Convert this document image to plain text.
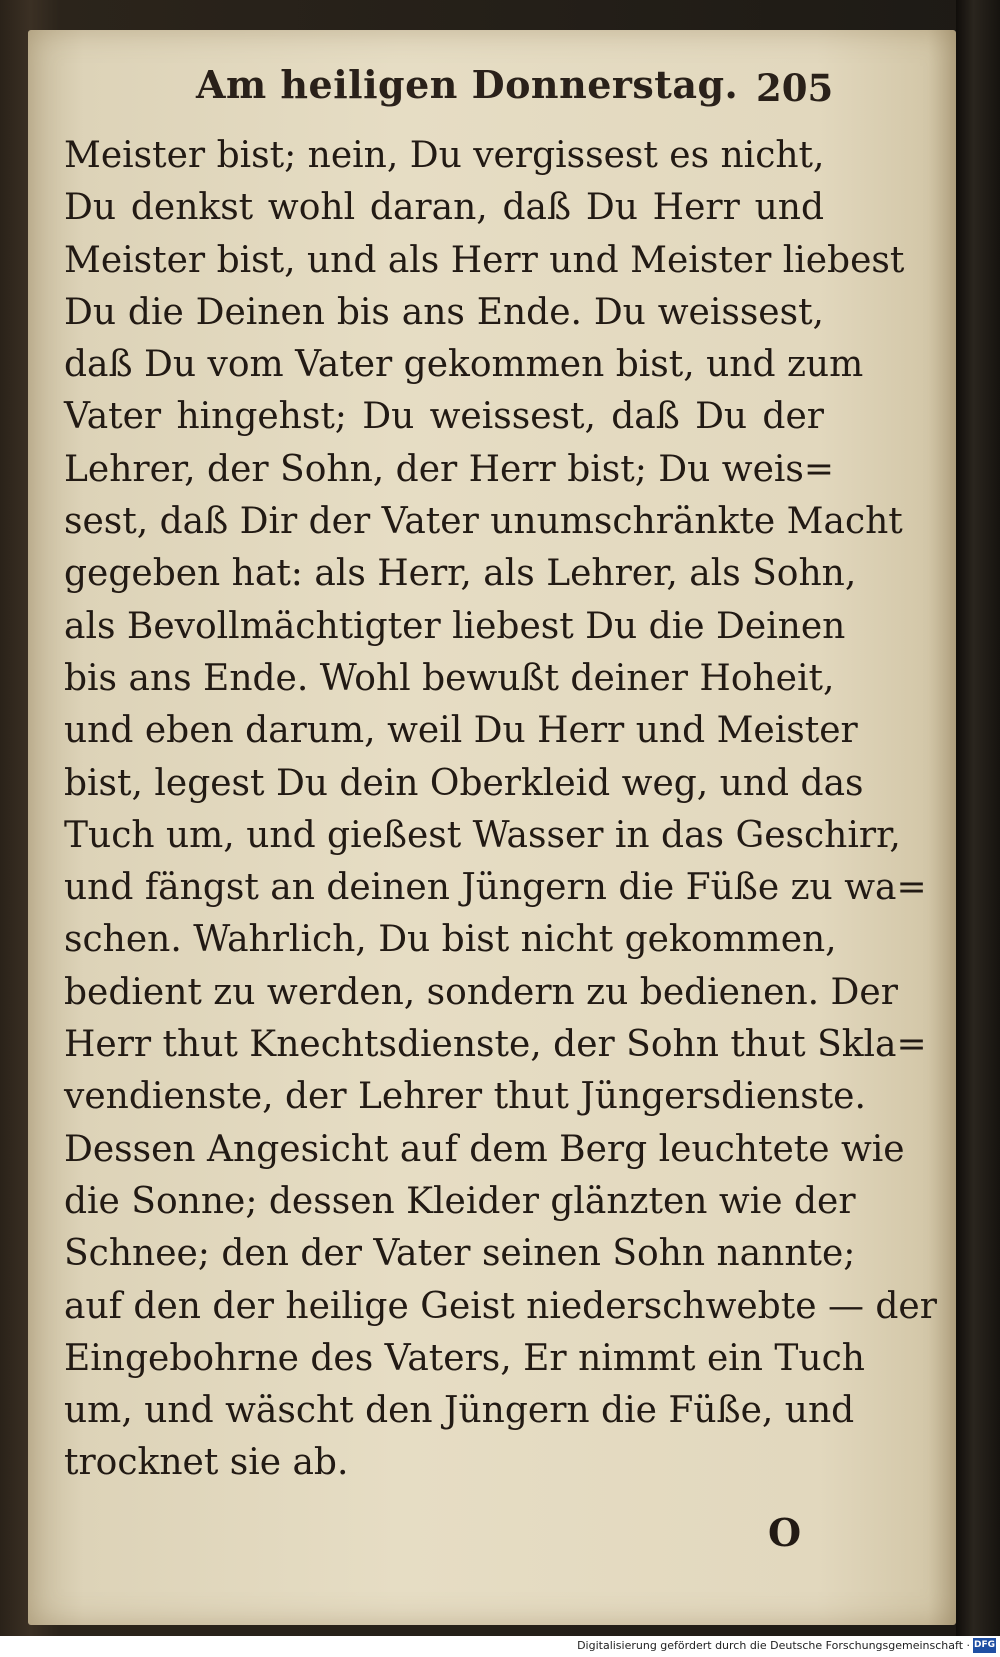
Am heiligen Donnerstag. 205
Meister bist; nein, Du vergissest es nicht,
Du denkst wohl daran, daß Du Herr und
Meister bist, und als Herr und Meister liebest
Du die Deinen bis ans Ende. Du weissest,
daß Du vom Vater gekommen bist, und zum
Vater hingehst; Du weissest, daß Du der
Lehrer, der Sohn, der Herr bist; Du weis=
sest, daß Dir der Vater unumschränkte Macht
gegeben hat: als Herr, als Lehrer, als Sohn,
als Bevollmächtigter liebest Du die Deinen
bis ans Ende. Wohl bewußt deiner Hoheit,
und eben darum, weil Du Herr und Meister
bist, legest Du dein Oberkleid weg, und das
Tuch um, und gießest Wasser in das Geschirr,
und fängst an deinen Jüngern die Füße zu wa=
schen. Wahrlich, Du bist nicht gekommen,
bedient zu werden, sondern zu bedienen. Der
Herr thut Knechtsdienste, der Sohn thut Skla=
vendienste, der Lehrer thut Jüngersdienste.
Dessen Angesicht auf dem Berg leuchtete wie
die Sonne; dessen Kleider glänzten wie der
Schnee; den der Vater seinen Sohn nannte;
auf den der heilige Geist niederschwebte — der
Eingebohrne des Vaters, Er nimmt ein Tuch
um, und wäscht den Jüngern die Füße, und
trocknet sie ab.
O
Digitalisierung gefördert durch die Deutsche Forschungsgemeinschaft · DFG
